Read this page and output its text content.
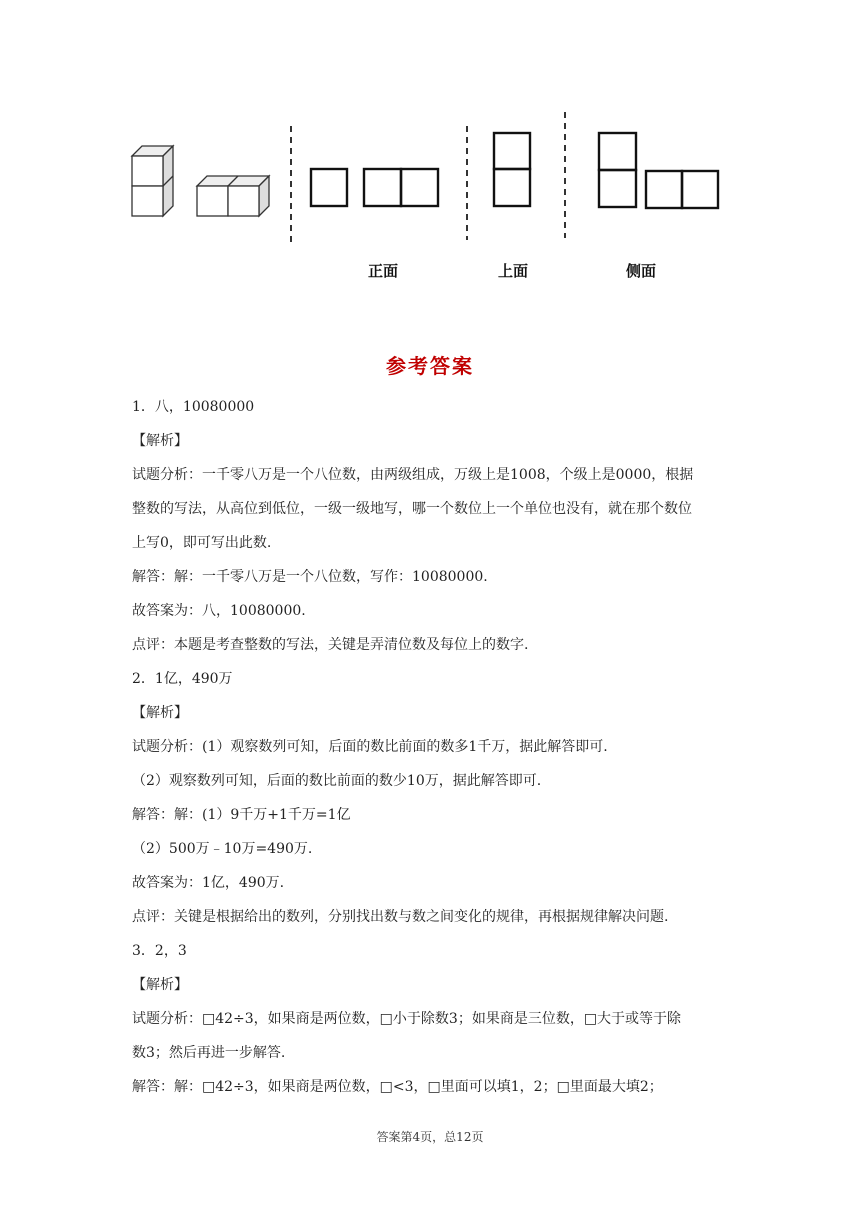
正面	上面	侧面
参考答案
1．八，10080000
【解析】
试题分析：一千零八万是一个八位数，由两级组成，万级上是1008，个级上是0000，根据
整数的写法，从高位到低位，一级一级地写，哪一个数位上一个单位也没有，就在那个数位
上写0，即可写出此数.
解答：解：一千零八万是一个八位数，写作：10080000.
故答案为：八，10080000.
点评：本题是考查整数的写法，关键是弄清位数及每位上的数字.
2．1亿，490万
【解析】
试题分析：(1）观察数列可知，后面的数比前面的数多1千万，据此解答即可.
（2）观察数列可知，后面的数比前面的数少10万，据此解答即可.
解答：解：(1）9千万+1千万=1亿
（2）500万﹣10万=490万.
故答案为：1亿，490万.
点评：关键是根据给出的数列，分别找出数与数之间变化的规律，再根据规律解决问题.
3．2，3
【解析】
试题分析：□42÷3，如果商是两位数，□小于除数3；如果商是三位数，□大于或等于除
数3；然后再进一步解答.
解答：解：□42÷3，如果商是两位数，□<3，□里面可以填1，2；□里面最大填2；
答案第4页，总12页
